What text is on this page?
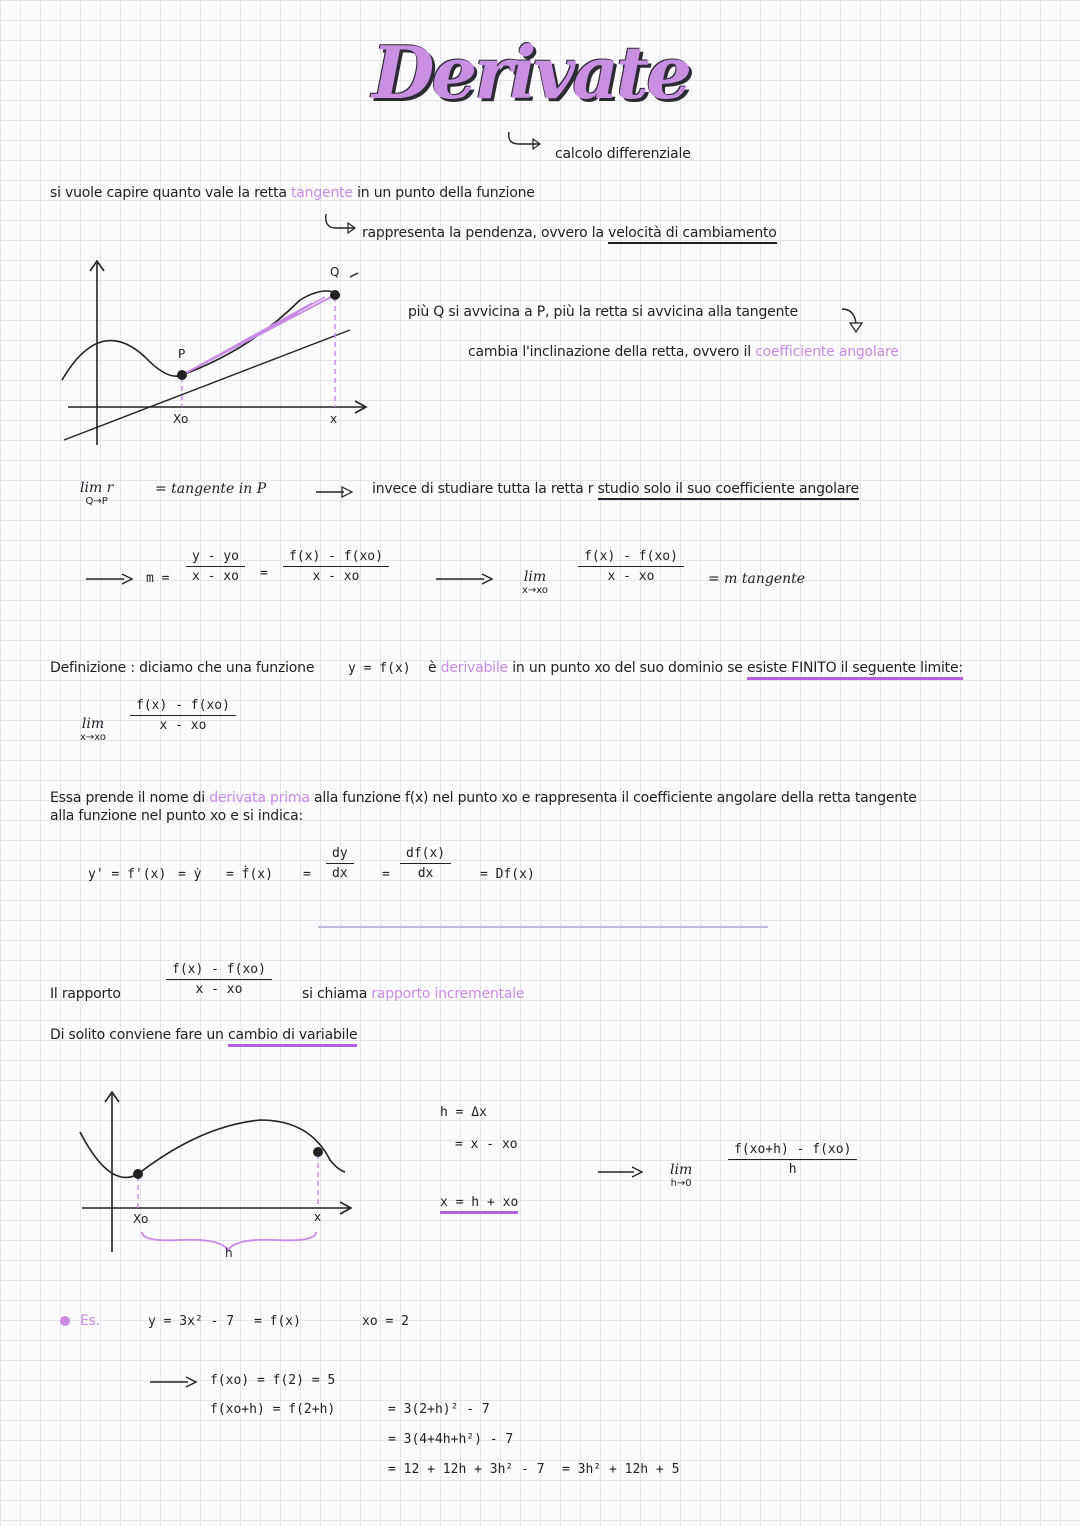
Derivate
calcolo differenziale
si vuole capire quanto vale la retta tangente in un punto della funzione
rappresenta la pendenza, ovvero la velocità di cambiamento
P
Q
Xo	x
più Q si avvicina a P, più la retta si avvicina alla tangente
cambia l'inclinazione della retta, ovvero il coefficiente angolare
lim r
Q→P
= tangente in P	invece di studiare tutta la retta r studio solo il suo coefficiente angolare
$m = \frac{y - yo}{x - xo} = \frac{f(x) - f(xo)}{x - xo}$	lim
x→xo
$\frac{f(x) - f(xo)}{x - xo} = m$ tangente
Definizione : diciamo che una funzione	y = f(x) è derivabile in un punto xo del suo dominio se esiste FINITO il seguente limite:
lim
x→xo
$\frac{f(x) - f(xo)}{x - xo}$
Essa prende il nome di derivata prima alla funzione f(x) nel punto xo e rappresenta il coefficiente angolare della retta tangente
alla funzione nel punto xo e si indica:
y' = f'(x) = ẏ = ḟ(x) = $\frac{dy}{dx} = \frac{df(x)}{dx} = Df(x)$
Il rapporto	$\frac{f(x) - f(xo)}{x - xo}$ si chiama rapporto incrementale
Di solito conviene fare un cambio di variabile
Xo	x
h
h = Δx
= x - xo
x = h + xo
lim
h→0
$\frac{f(xo+h) - f(xo)}{h}$
Es.	y = 3x² - 7 = f(x)	xo = 2
f(xo) = f(2) = 5
f(xo+h) = f(2+h)	= 3(2+h)² - 7
= 3(4+4h+h²) - 7
= 12 + 12h + 3h² - 7 = 3h² + 12h + 5
